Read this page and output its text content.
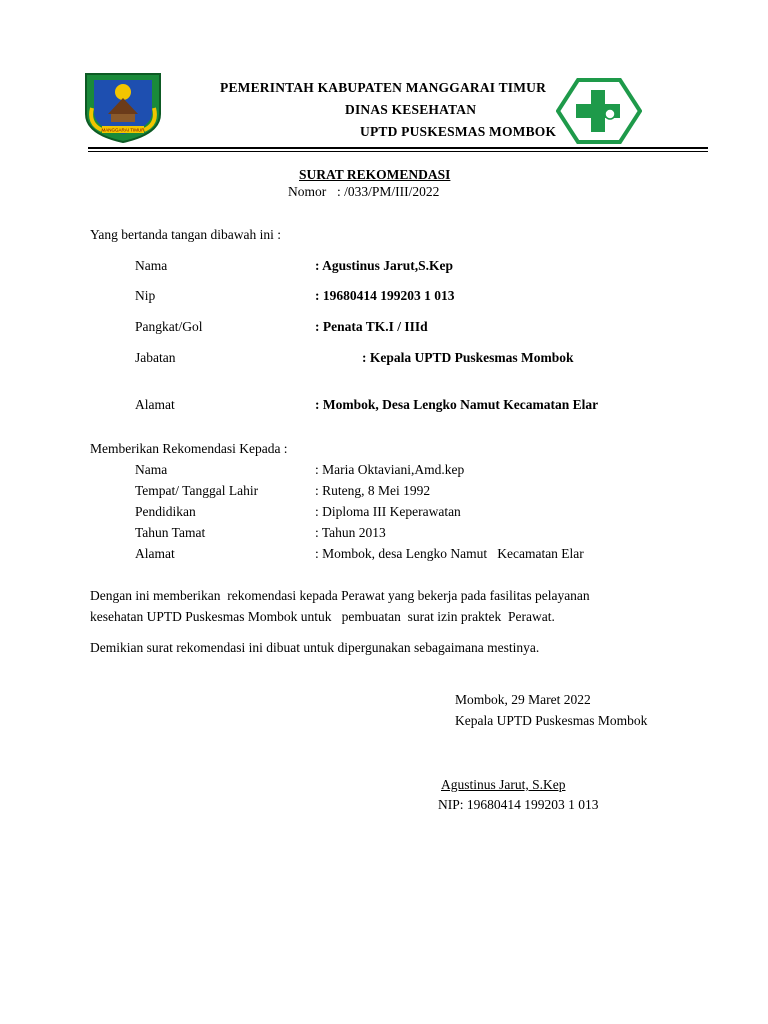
MANGGARAI TIMUR
PEMERINTAH KABUPATEN MANGGARAI TIMUR
DINAS KESEHATAN
UPTD PUSKESMAS MOMBOK
SURAT REKOMENDASI
Nomor : /033/PM/III/2022
Yang bertanda tangan dibawah ini :
Nama	: Agustinus Jarut,S.Kep
Nip	: 19680414 199203 1 013
Pangkat/Gol	: Penata TK.I / IIId
Jabatan	: Kepala UPTD Puskesmas Mombok
Alamat	: Mombok, Desa Lengko Namut Kecamatan Elar
Memberikan Rekomendasi Kepada :
Nama	: Maria Oktaviani,Amd.kep
Tempat/ Tanggal Lahir	: Ruteng, 8 Mei 1992
Pendidikan	: Diploma III Keperawatan
Tahun Tamat	: Tahun 2013
Alamat	: Mombok, desa Lengko Namut   Kecamatan Elar
Dengan ini memberikan  rekomendasi kepada Perawat yang bekerja pada fasilitas pelayanan
kesehatan UPTD Puskesmas Mombok untuk   pembuatan  surat izin praktek  Perawat.
Demikian surat rekomendasi ini dibuat untuk dipergunakan sebagaimana mestinya.
Mombok, 29 Maret 2022
Kepala UPTD Puskesmas Mombok
Agustinus Jarut, S.Kep
NIP: 19680414 199203 1 013
